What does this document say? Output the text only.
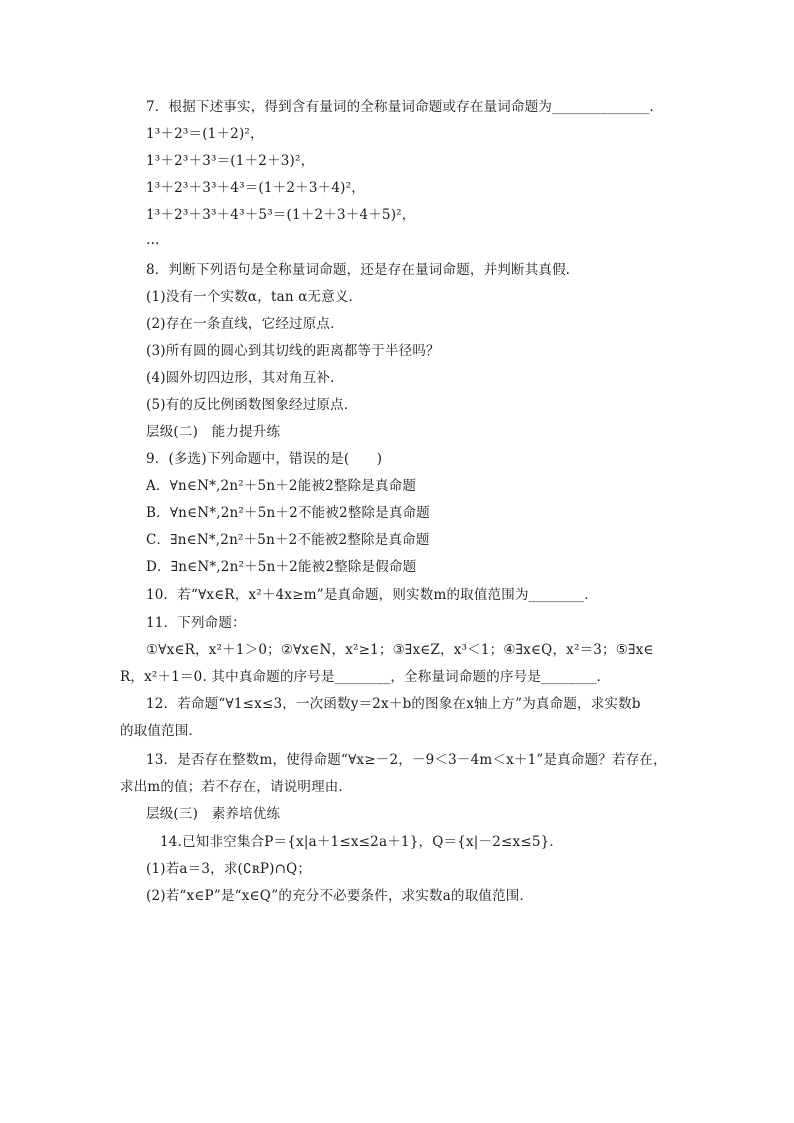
7．根据下述事实，得到含有量词的全称量词命题或存在量词命题为______________．
1³＋2³＝(1＋2)²，
1³＋2³＋3³＝(1＋2＋3)²，
1³＋2³＋3³＋4³＝(1＋2＋3＋4)²，
1³＋2³＋3³＋4³＋5³＝(1＋2＋3＋4＋5)²，
…
8．判断下列语句是全称量词命题，还是存在量词命题，并判断其真假．
(1)没有一个实数α，tan α无意义．
(2)存在一条直线，它经过原点．
(3)所有圆的圆心到其切线的距离都等于半径吗？
(4)圆外切四边形，其对角互补．
(5)有的反比例函数图象经过原点．
层级(二)　能力提升练
9．(多选)下列命题中，错误的是(　　)
A．∀n∈N*,2n²＋5n＋2能被2整除是真命题
B．∀n∈N*,2n²＋5n＋2不能被2整除是真命题
C．∃n∈N*,2n²＋5n＋2不能被2整除是真命题
D．∃n∈N*,2n²＋5n＋2能被2整除是假命题
10．若“∀x∈R，x²＋4x≥m”是真命题，则实数m的取值范围为________．
11．下列命题：
①∀x∈R，x²＋1＞0；②∀x∈N，x²≥1；③∃x∈Z，x³＜1；④∃x∈Q，x²＝3；⑤∃x∈
R，x²＋1＝0. 其中真命题的序号是________，全称量词命题的序号是________．
12．若命题“∀1≤x≤3，一次函数y＝2x＋b的图象在x轴上方”为真命题，求实数b
的取值范围．
13．是否存在整数m，使得命题“∀x≥－2，－9＜3－4m＜x＋1”是真命题？若存在，
求出m的值；若不存在，请说明理由．
层级(三)　素养培优练
14.已知非空集合P＝{x|a＋1≤x≤2a＋1}，Q＝{x|－2≤x≤5}．
(1)若a＝3，求(∁ʀP)∩Q；
(2)若“x∈P”是“x∈Q”的充分不必要条件，求实数a的取值范围．
